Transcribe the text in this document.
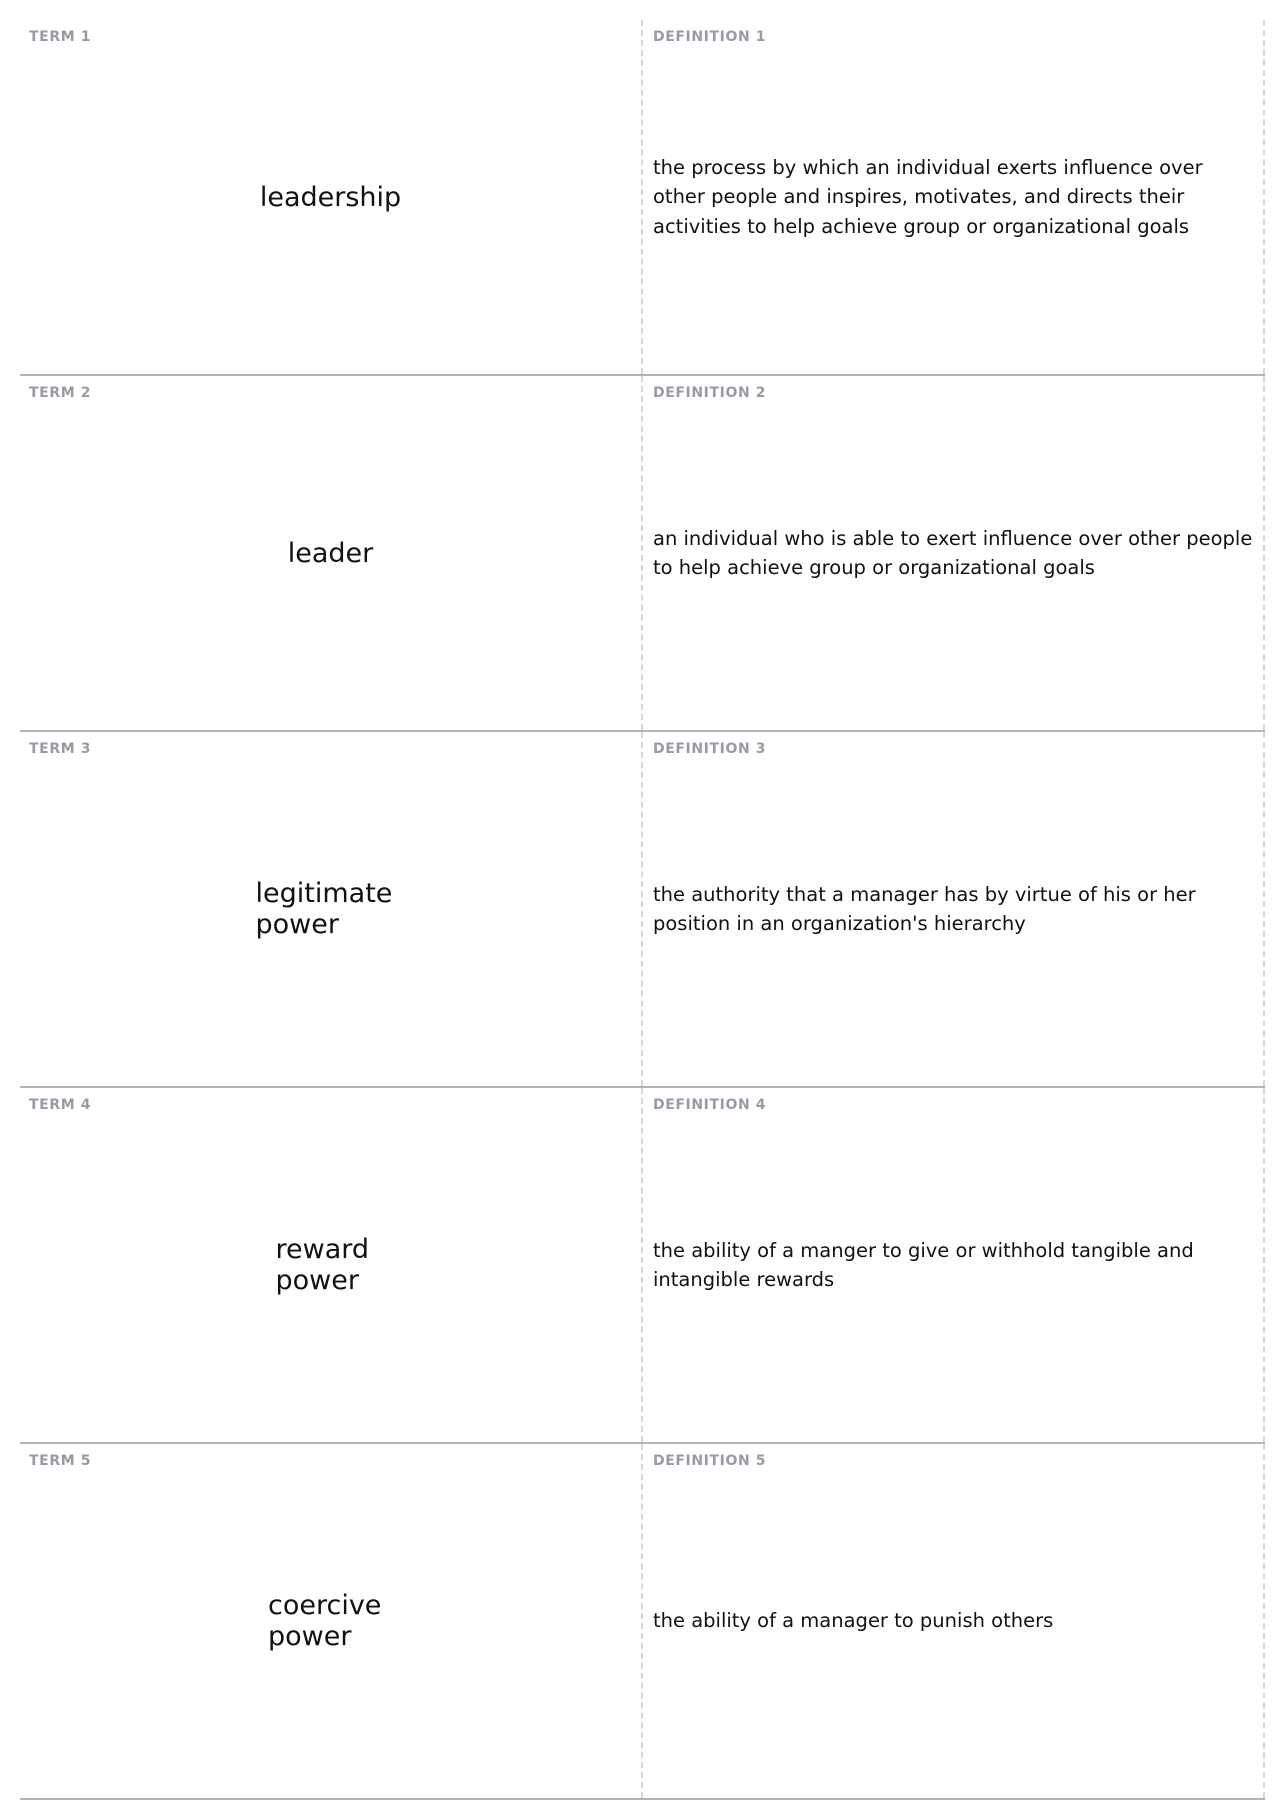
TERM 1
leadership
DEFINITION 1
the process by which an individual exerts influence over other people and inspires, motivates, and directs their activities to help achieve group or organizational goals
TERM 2
leader
DEFINITION 2
an individual who is able to exert influence over other people to help achieve group or organizational goals
TERM 3
legitimate power
DEFINITION 3
the authority that a manager has by virtue of his or her position in an organization's hierarchy
TERM 4
reward power
DEFINITION 4
the ability of a manger to give or withhold tangible and intangible rewards
TERM 5
coercive power
DEFINITION 5
the ability of a manager to punish others
